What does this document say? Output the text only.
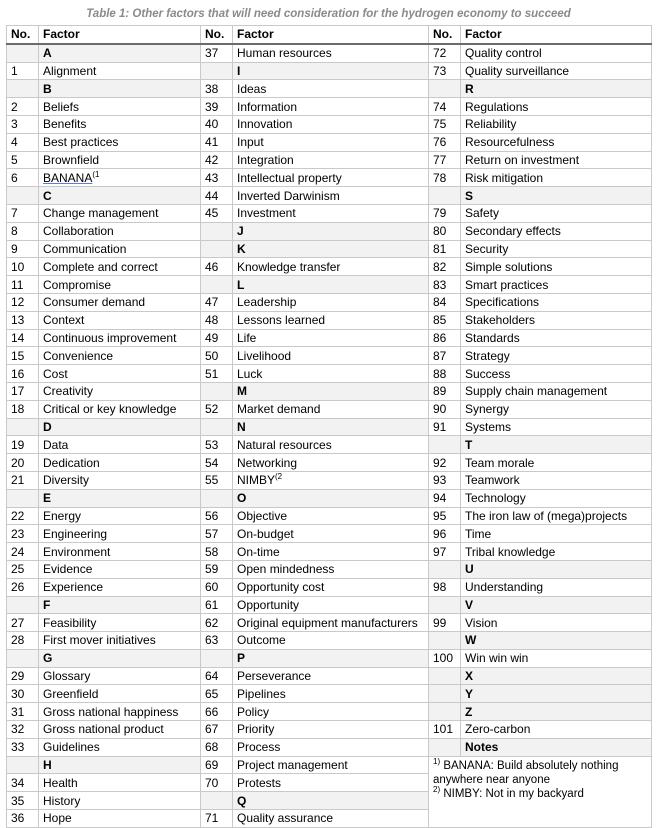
Table 1: Other factors that will need consideration for the hydrogen economy to succeed
No.	Factor	No.	Factor	No.	Factor
	A	37	Human resources	72	Quality control
1	Alignment		I	73	Quality surveillance
	B	38	Ideas		R
2	Beliefs	39	Information	74	Regulations
3	Benefits	40	Innovation	75	Reliability
4	Best practices	41	Input	76	Resourcefulness
5	Brownfield	42	Integration	77	Return on investment
6	BANANA$^{(1}$	43	Intellectual property	78	Risk mitigation
	C	44	Inverted Darwinism		S
7	Change management	45	Investment	79	Safety
8	Collaboration		J	80	Secondary effects
9	Communication		K	81	Security
10	Complete and correct	46	Knowledge transfer	82	Simple solutions
11	Compromise		L	83	Smart practices
12	Consumer demand	47	Leadership	84	Specifications
13	Context	48	Lessons learned	85	Stakeholders
14	Continuous improvement	49	Life	86	Standards
15	Convenience	50	Livelihood	87	Strategy
16	Cost	51	Luck	88	Success
17	Creativity		M	89	Supply chain management
18	Critical or key knowledge	52	Market demand	90	Synergy
	D		N	91	Systems
19	Data	53	Natural resources		T
20	Dedication	54	Networking	92	Team morale
21	Diversity	55	NIMBY$^{(2}$	93	Teamwork
	E		O	94	Technology
22	Energy	56	Objective	95	The iron law of (mega)projects
23	Engineering	57	On-budget	96	Time
24	Environment	58	On-time	97	Tribal knowledge
25	Evidence	59	Open mindedness		U
26	Experience	60	Opportunity cost	98	Understanding
	F	61	Opportunity		V
27	Feasibility	62	Original equipment manufacturers	99	Vision
28	First mover initiatives	63	Outcome		W
	G		P	100	Win win win
29	Glossary	64	Perseverance		X
30	Greenfield	65	Pipelines		Y
31	Gross national happiness	66	Policy		Z
32	Gross national product	67	Priority	101	Zero-carbon
33	Guidelines	68	Process		Notes
	H	69	Project management	$^{1)}$ BANANA: Build absolutely nothing anywhere near anyone
$^{2)}$ NIMBY: Not in my backyard	

34	Health	70	Protests		
35	History		Q		
36	Hope	71	Quality assurance		
